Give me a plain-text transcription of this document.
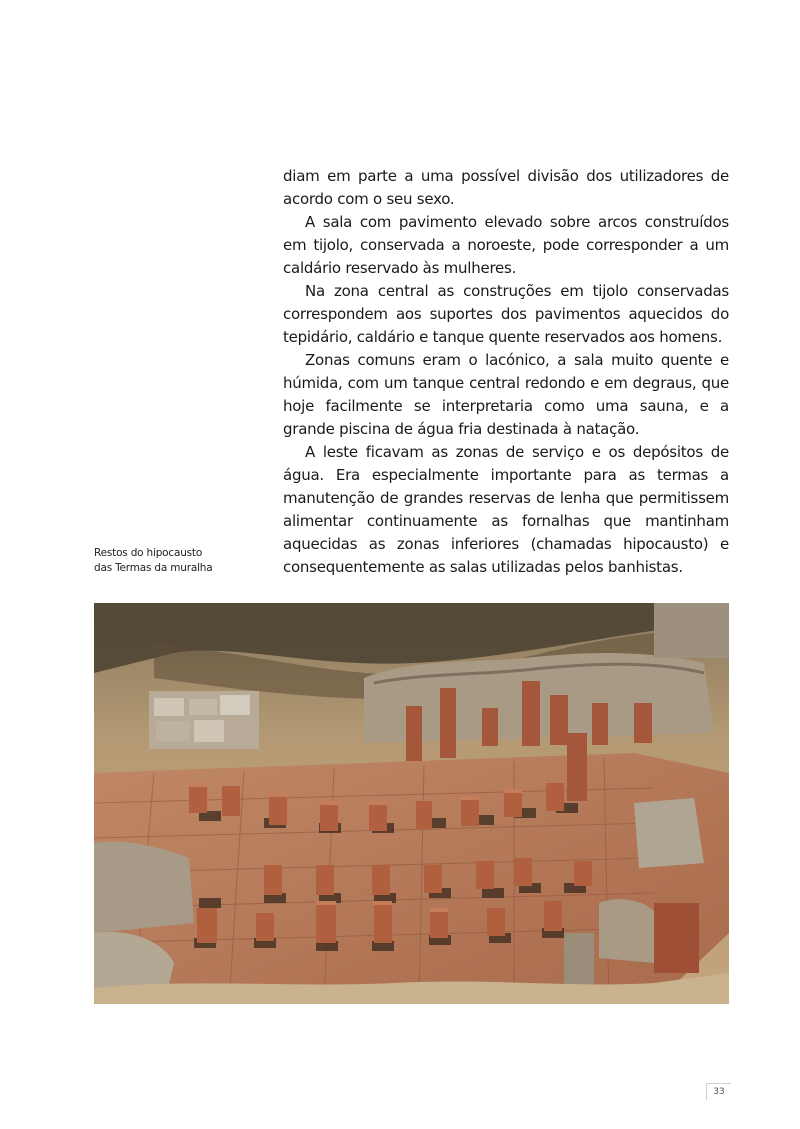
diam em parte a uma possível divisão dos utilizadores de acordo com o seu sexo.

A sala com pavimento elevado sobre arcos construídos em tijolo, conservada a noroeste, pode corresponder a um caldário reservado às mulheres.

Na zona central as construções em tijolo conservadas correspondem aos suportes dos pavimentos aquecidos do tepidário, caldário e tanque quente reservados aos homens.

Zonas comuns eram o lacónico, a sala muito quente e húmida, com um tanque central redondo e em degraus, que hoje facilmente se interpretaria como uma sauna, e a grande piscina de água fria destinada à natação.

A leste ficavam as zonas de serviço e os depósitos de água. Era especialmente importante para as termas a manutenção de grandes reservas de lenha que permitissem alimentar continuamente as fornalhas que mantinham aquecidas as zonas inferiores (chamadas hipocausto) e consequentemente as salas utilizadas pelos banhistas.

Restos do hipocausto
das Termas da muralha
33
